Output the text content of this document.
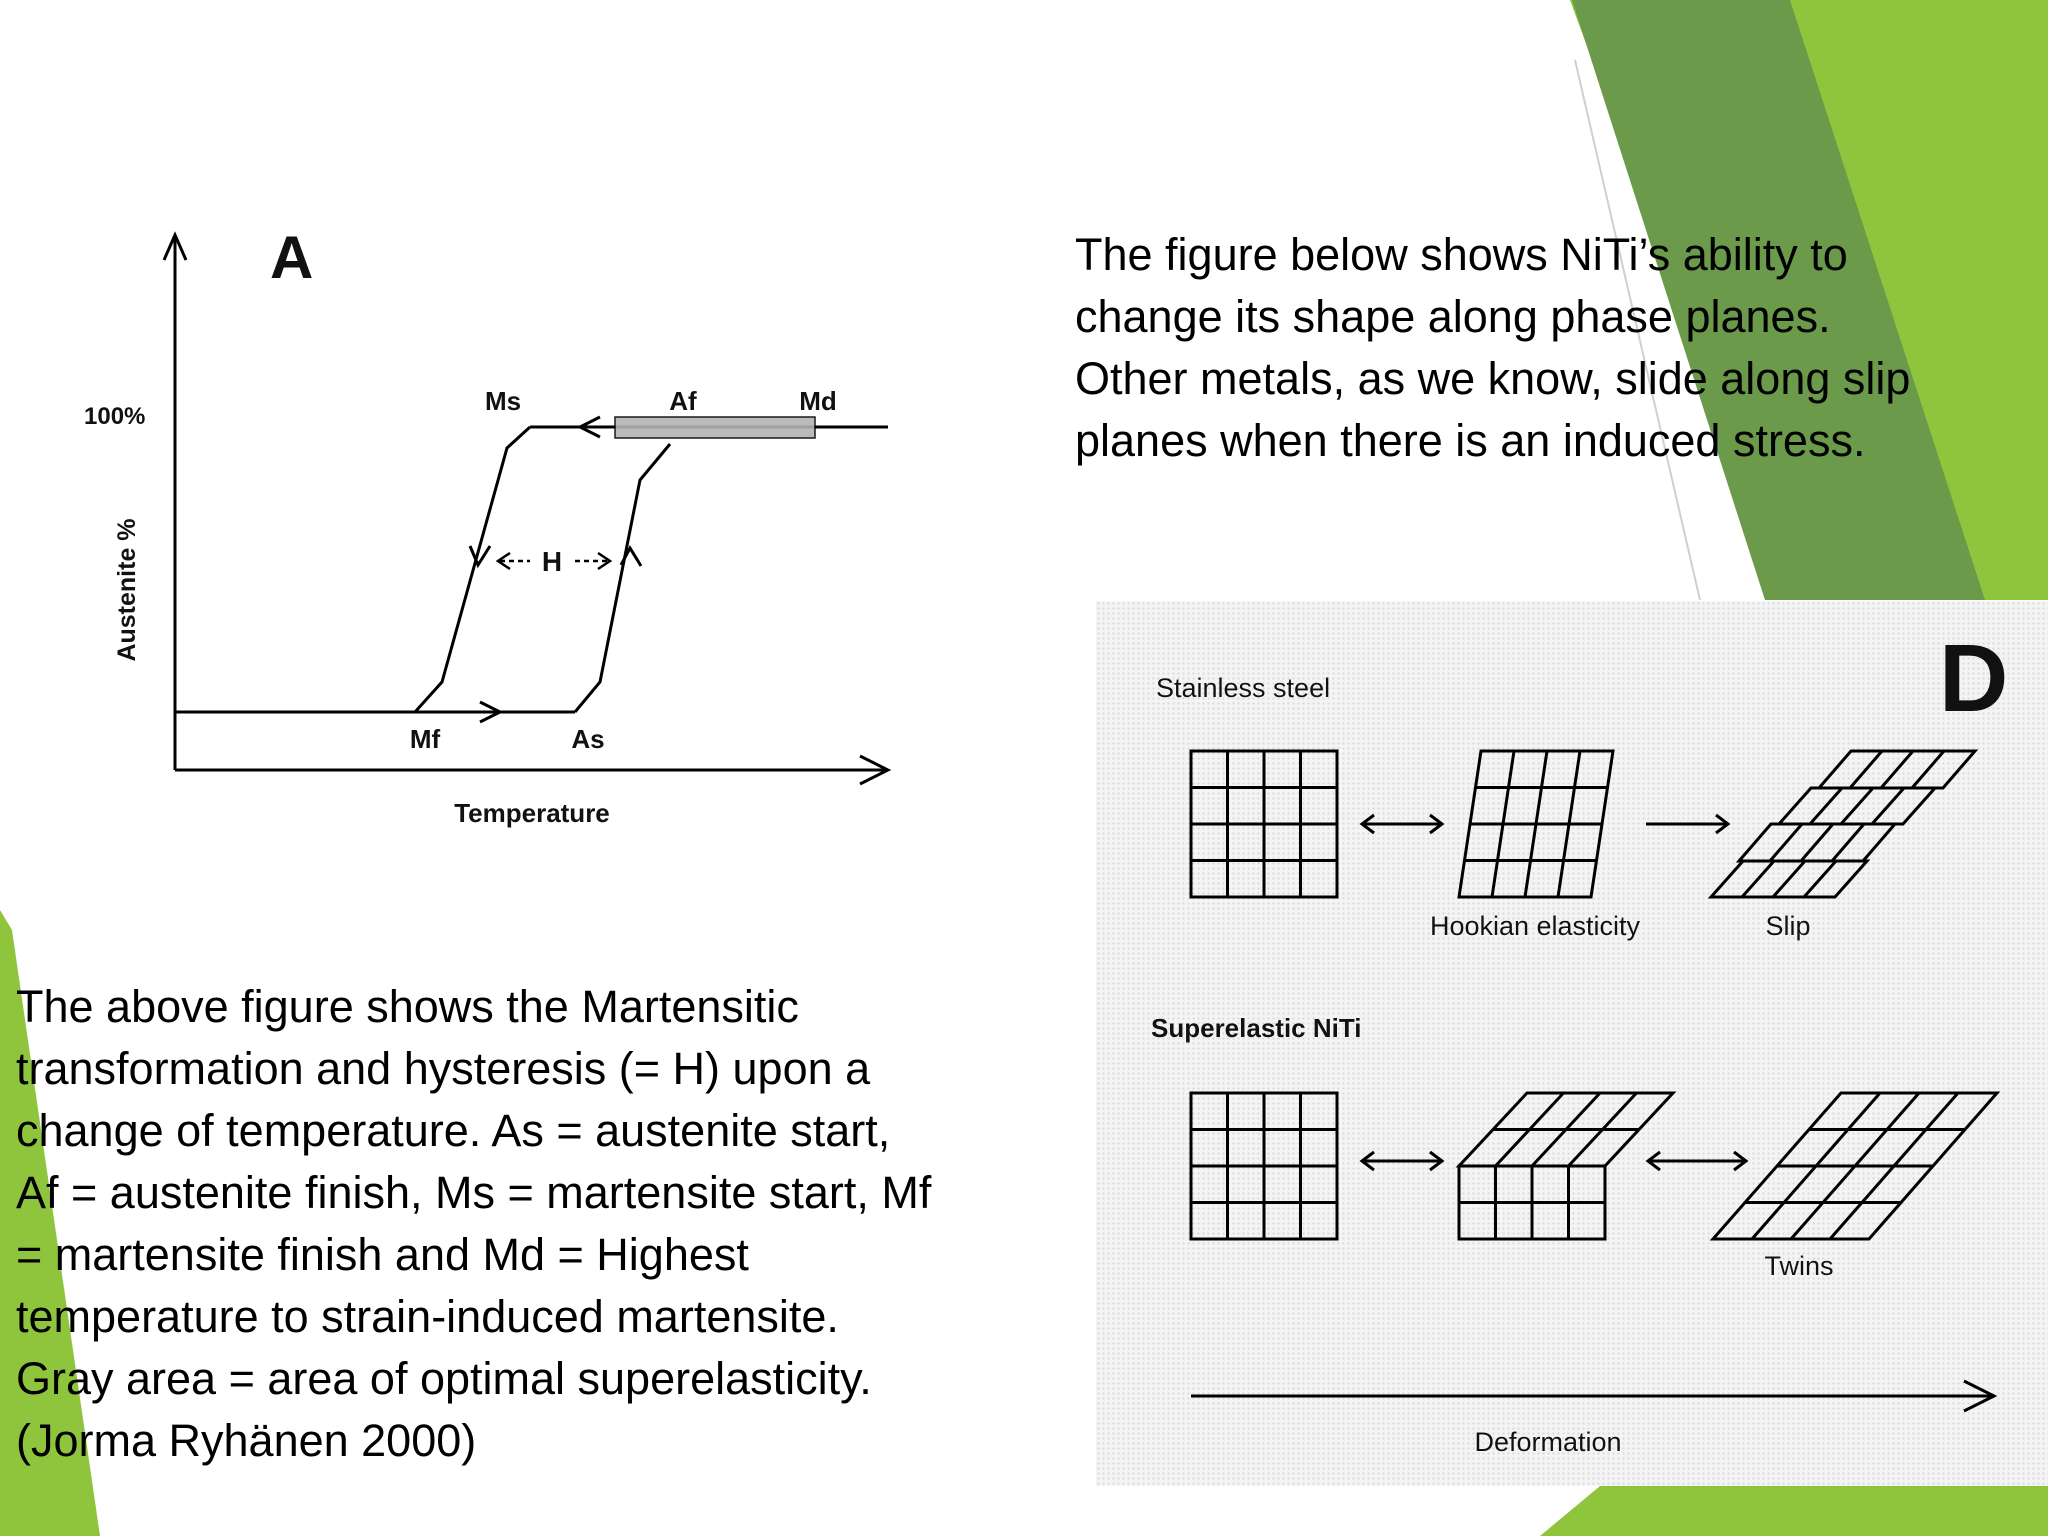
The figure below shows NiTi’s ability to
change its shape along phase planes.
Other metals, as we know, slide along slip
planes when there is an induced stress.
A
100%
Austenite %
Temperature
Ms	Af	Md
Mf	As
H
The above figure shows the Martensitic
transformation and hysteresis (= H) upon a
change of temperature. As = austenite start,
Af = austenite finish, Ms = martensite start, Mf
= martensite finish and Md = Highest
temperature to strain-induced martensite.
Gray area = area of optimal superelasticity.
(Jorma Ryhänen 2000)
D
Stainless steel
Hookian elasticity	Slip
Superelastic NiTi
Twins
Deformation
